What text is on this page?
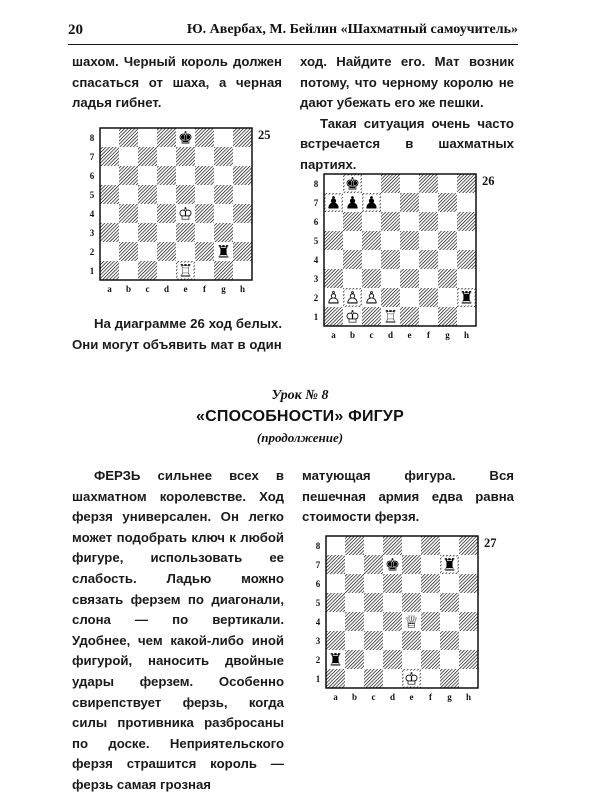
20	Ю. Авербах, М. Бейлин «Шахматный самоучитель»

шахом. Черный король должен спасаться от шаха, а черная ладья гибнет.

ход. Найдите его. Мат возник потому, что черному королю не дают убежать его же пешки.

Такая ситуация очень часто встречается в шахматных партиях.

1
2
3
4
5
6
7
8
a b c d e f g h
25
♚
♔
♜
♖
1
2
3
4
5
6
7
8
a b c d e f g h
26
♚
♟ ♟ ♟
♙ ♙ ♙	♜
♔ ♖

На диаграмме 26 ход белых. Они могут объявить мат в один

Урок № 8
«СПОСОБНОСТИ» ФИГУР
(продолжение)

ФЕРЗЬ сильнее всех в шахматном королевстве. Ход ферзя универсален. Он легко может подобрать ключ к любой фигуре, использовать ее слабость. Ладью можно связать ферзем по диагонали, слона — по вертикали. Удобнее, чем какой-либо иной фигурой, наносить двойные удары ферзем. Особенно свирепствует ферзь, когда силы противника разбросаны по доске. Неприятельского ферзя страшится король — ферзь самая грозная

матующая фигура. Вся пешечная армия едва равна стоимости ферзя.

1
2
3
4
5
6
7
8
a b c d e f g h
27
♚ ♜
♕
♜
♔
